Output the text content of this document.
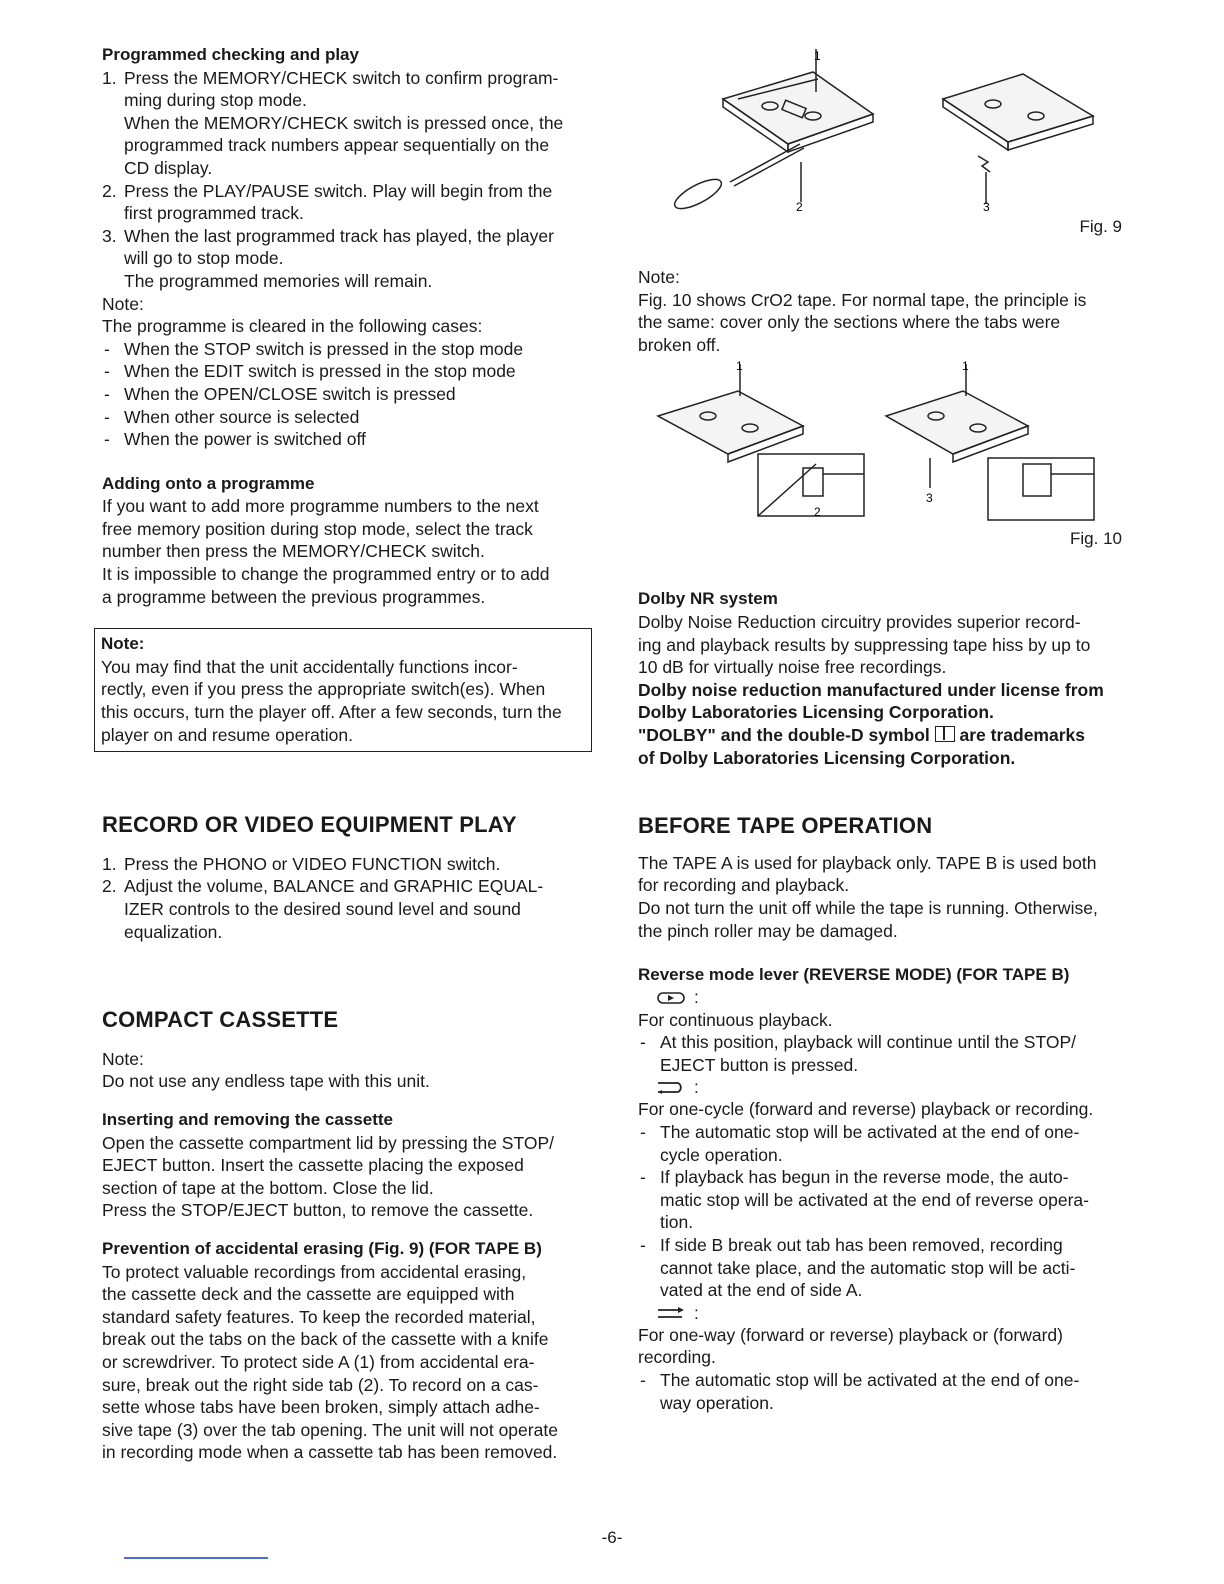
Programmed checking and play

1. Press the MEMORY/CHECK switch to confirm program-
ming during stop mode.
When the MEMORY/CHECK switch is pressed once, the
programmed track numbers appear sequentially on the
CD display.
2. Press the PLAY/PAUSE switch. Play will begin from the
first programmed track.
3. When the last programmed track has played, the player
will go to stop mode.
The programmed memories will remain.

Note:

The programme is cleared in the following cases:

- When the STOP switch is pressed in the stop mode
- When the EDIT switch is pressed in the stop mode
- When the OPEN/CLOSE switch is pressed
- When other source is selected
- When the power is switched off

Adding onto a programme

If you want to add more programme numbers to the next
free memory position during stop mode, select the track
number then press the MEMORY/CHECK switch.
It is impossible to change the programmed entry or to add
a programme between the previous programmes.

Note:

You may find that the unit accidentally functions incor-
rectly, even if you press the appropriate switch(es). When
this occurs, turn the player off. After a few seconds, turn the
player on and resume operation.

RECORD OR VIDEO EQUIPMENT PLAY

1. Press the PHONO or VIDEO FUNCTION switch.
2. Adjust the volume, BALANCE and GRAPHIC EQUAL-
IZER controls to the desired sound level and sound
equalization.

COMPACT CASSETTE

Note:

Do not use any endless tape with this unit.

Inserting and removing the cassette

Open the cassette compartment lid by pressing the STOP/
EJECT button. Insert the cassette placing the exposed
section of tape at the bottom. Close the lid.
Press the STOP/EJECT button, to remove the cassette.

Prevention of accidental erasing (Fig. 9) (FOR TAPE B)

To protect valuable recordings from accidental erasing,
the cassette deck and the cassette are equipped with
standard safety features. To keep the recorded material,
break out the tabs on the back of the cassette with a knife
or screwdriver. To protect side A (1) from accidental era-
sure, break out the right side tab (2). To record on a cas-
sette whose tabs have been broken, simply attach adhe-
sive tape (3) over the tab opening. The unit will not operate
in recording mode when a cassette tab has been removed.
1
2	3
Fig. 9

Note:

Fig. 10 shows CrO2 tape. For normal tape, the principle is
the same: cover only the sections where the tabs were
broken off.
1	1
2
3
Fig. 10

Dolby NR system

Dolby Noise Reduction circuitry provides superior record-
ing and playback results by suppressing tape hiss by up to
10 dB for virtually noise free recordings.
Dolby noise reduction manufactured under license from
Dolby Laboratories Licensing Corporation.
"DOLBY" and the double-D symbol are trademarks
of Dolby Laboratories Licensing Corporation.

BEFORE TAPE OPERATION

The TAPE A is used for playback only. TAPE B is used both
for recording and playback.
Do not turn the unit off while the tape is running. Otherwise,
the pinch roller may be damaged.

Reverse mode lever (REVERSE MODE) (FOR TAPE B)

:

For continuous playback.

- At this position, playback will continue until the STOP/
EJECT button is pressed.
:

For one-cycle (forward and reverse) playback or recording.

- The automatic stop will be activated at the end of one-
cycle operation.
- If playback has begun in the reverse mode, the auto-
matic stop will be activated at the end of reverse opera-
tion.
- If side B break out tab has been removed, recording
cannot take place, and the automatic stop will be acti-
vated at the end of side A.
:
For one-way (forward or reverse) playback or (forward)
recording.
- The automatic stop will be activated at the end of one-
way operation.
-6-
